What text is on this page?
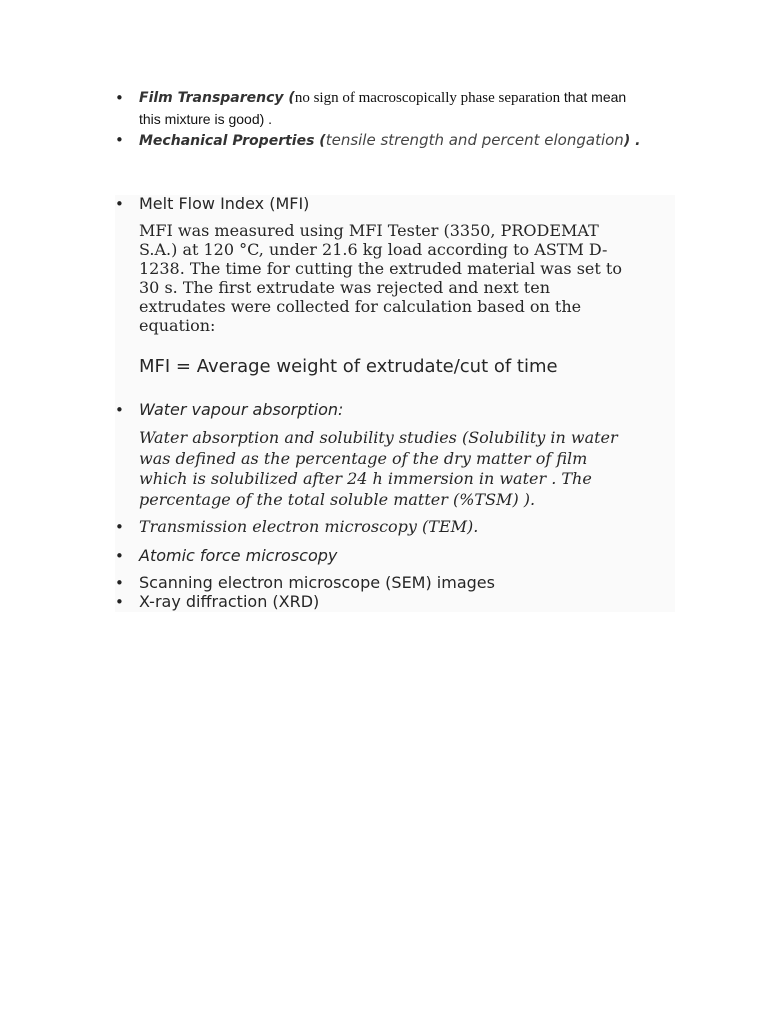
• Film Transparency (no sign of macroscopically phase separation that mean
this mixture is good) .
• Mechanical Properties (tensile strength and percent elongation) .
• Melt Flow Index (MFI)
MFI was measured using MFI Tester (3350, PRODEMAT
S.A.) at 120 °C, under 21.6 kg load according to ASTM D-
1238. The time for cutting the extruded material was set to
30 s. The first extrudate was rejected and next ten
extrudates were collected for calculation based on the
equation:
MFI = Average weight of extrudate/cut of time
• Water vapour absorption:
Water absorption and solubility studies (Solubility in water
was defined as the percentage of the dry matter of film
which is solubilized after 24 h immersion in water . The
percentage of the total soluble matter (%TSM) ).
• Transmission electron microscopy (TEM).
• Atomic force microscopy
• Scanning electron microscope (SEM) images
• X-ray diffraction (XRD)
